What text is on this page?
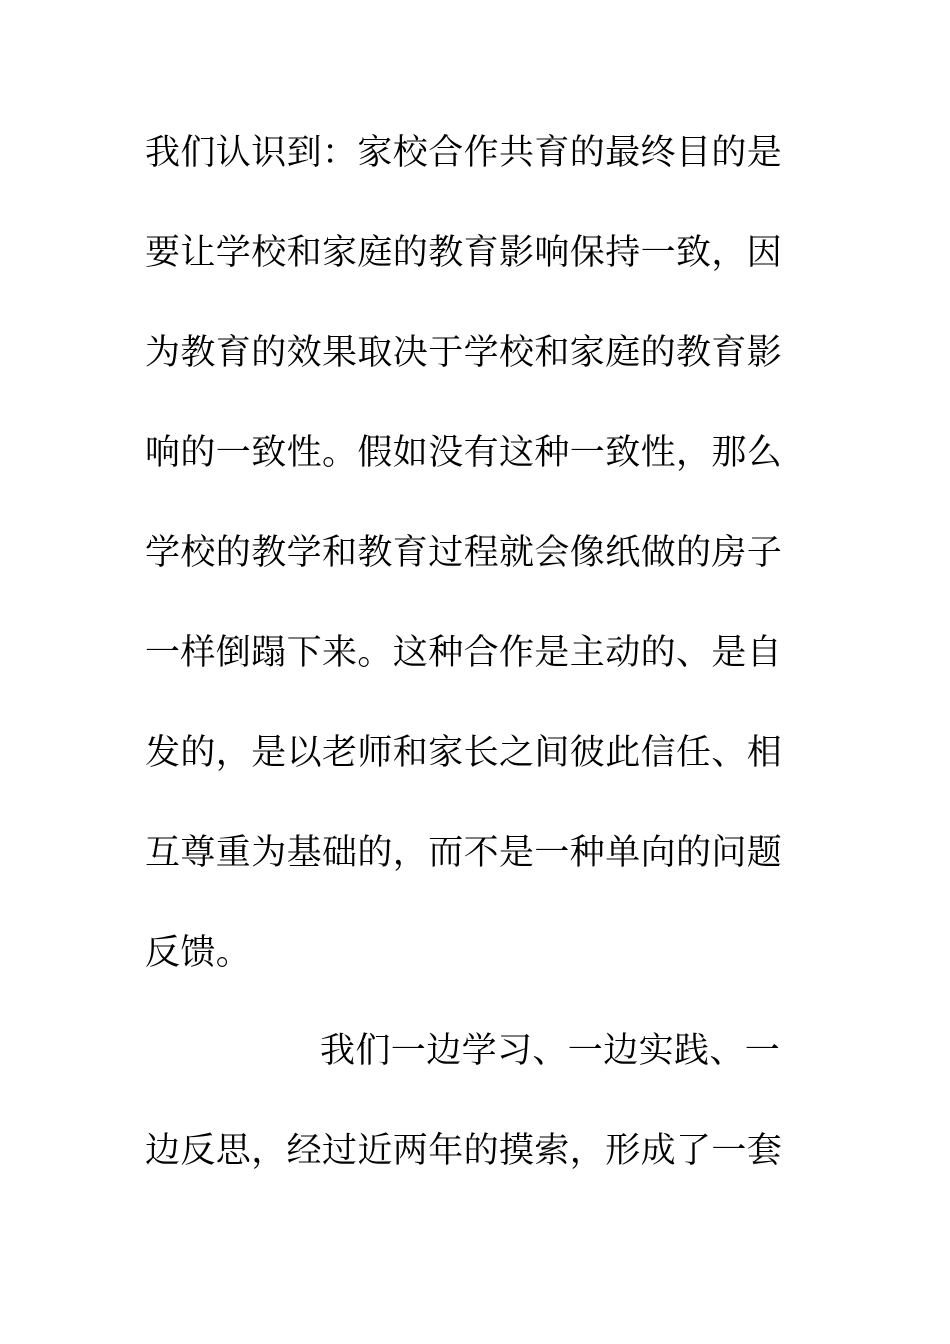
我们认识到：家校合作共育的最终目的是
要让学校和家庭的教育影响保持一致，因
为教育的效果取决于学校和家庭的教育影
响的一致性。假如没有这种一致性，那么
学校的教学和教育过程就会像纸做的房子
一样倒蹋下来。这种合作是主动的、是自
发的，是以老师和家长之间彼此信任、相
互尊重为基础的，而不是一种单向的问题
反馈。
我们一边学习、一边实践、一
边反思，经过近两年的摸索，形成了一套
